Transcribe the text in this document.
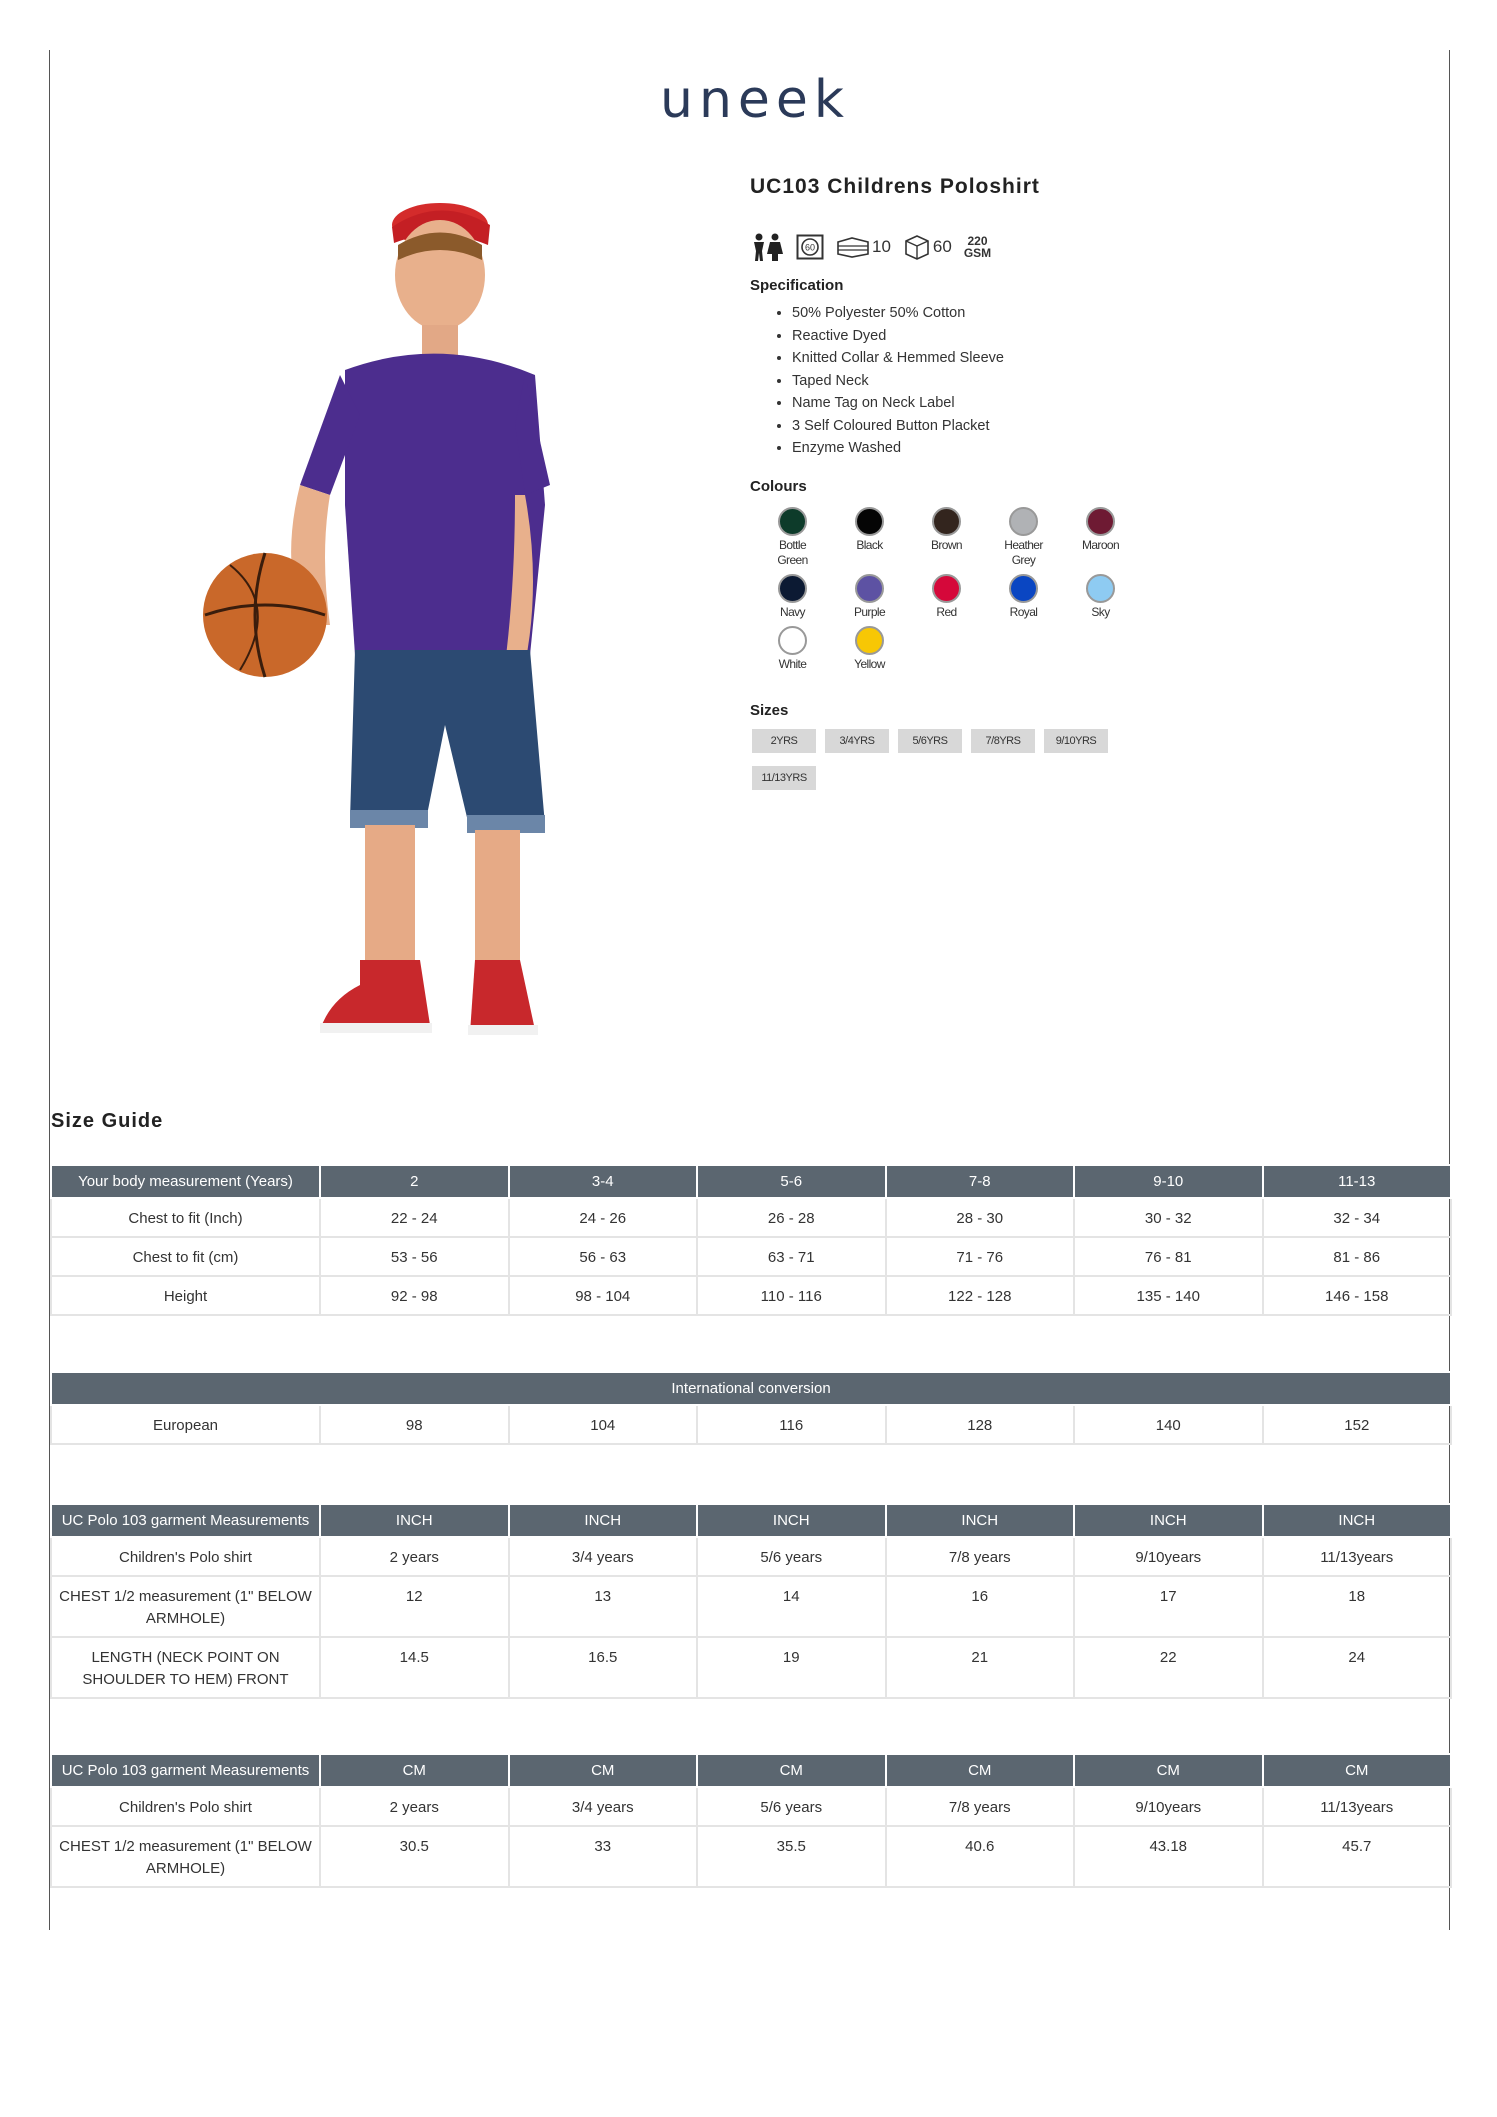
uneek
UC103 Childrens Poloshirt
60	10 60	220
GSM
Specification
• 50% Polyester 50% Cotton
• Reactive Dyed
• Knitted Collar & Hemmed Sleeve
• Taped Neck
• Name Tag on Neck Label
• 3 Self Coloured Button Placket
• Enzyme Washed
Colours
Bottle Green
Black	Brown	Heather Grey
Maroon
Navy	Purple	Red	Royal	Sky
White	Yellow
Sizes
2YRS	3/4YRS	5/6YRS	7/8YRS	9/10YRS
11/13YRS
Size Guide
Your body measurement (Years)	2	3-4	5-6	7-8	9-10	11-13
Chest to fit (Inch)	22 - 24	24 - 26	26 - 28	28 - 30	30 - 32	32 - 34
Chest to fit (cm)	53 - 56	56 - 63	63 - 71	71 - 76	76 - 81	81 - 86
Height	92 - 98	98 - 104	110 - 116	122 - 128	135 - 140	146 - 158
International conversion
European	98	104	116	128	140	152
UC Polo 103 garment Measurements	INCH	INCH	INCH	INCH	INCH	INCH
Children's Polo shirt	2 years	3/4 years	5/6 years	7/8 years	9/10years	11/13years
CHEST 1/2 measurement (1" BELOW ARMHOLE)	12	13	14	16	17	18
LENGTH (NECK POINT ON SHOULDER TO HEM) FRONT	14.5	16.5	19	21	22	24
UC Polo 103 garment Measurements	CM	CM	CM	CM	CM	CM
Children's Polo shirt	2 years	3/4 years	5/6 years	7/8 years	9/10years	11/13years
CHEST 1/2 measurement (1" BELOW ARMHOLE)	30.5	33	35.5	40.6	43.18	45.7
